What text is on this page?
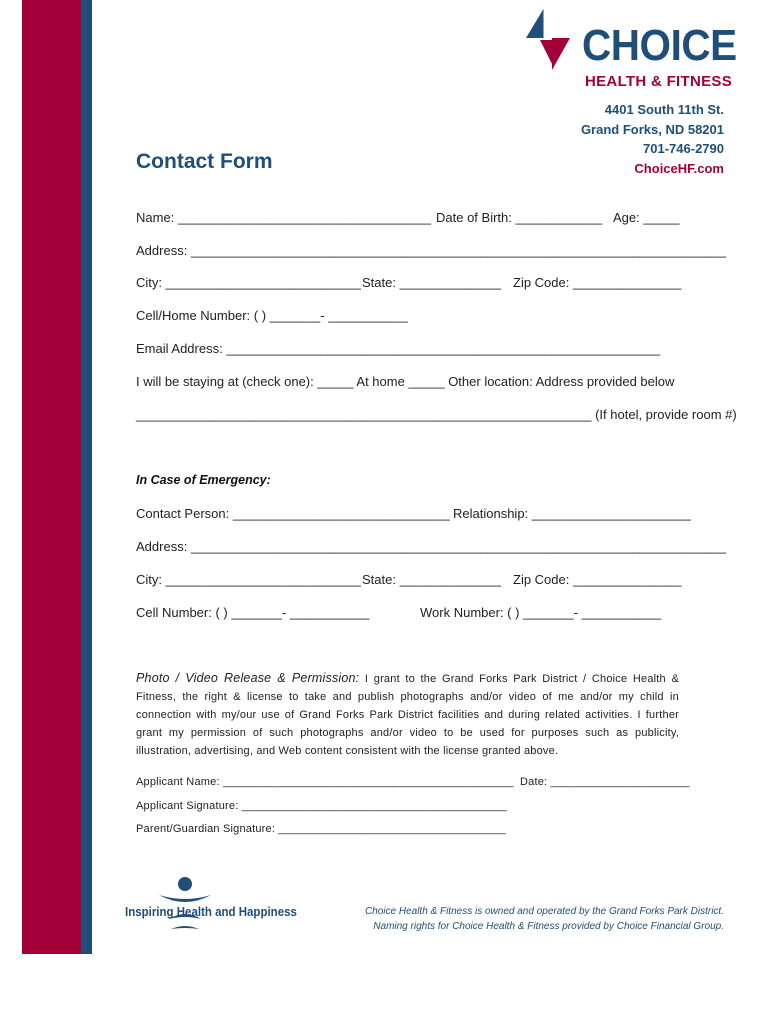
CHOICE
HEALTH & FITNESS
4401 South 11th St.
Grand Forks, ND 58201
701-746-2790
ChoiceHF.com
Contact Form
Name: ___________________________________ Date of Birth: ____________ Age: _____
Address: __________________________________________________________________________
City: ___________________________ State: ______________ Zip Code: _______________
Cell/Home Number: ( ) _______- ___________
Email Address: ____________________________________________________________
I will be staying at (check one): _____ At home _____ Other location: Address provided below
_______________________________________________________________ (If hotel, provide room #)
In Case of Emergency:
Contact Person: ______________________________ Relationship: ______________________
Address: __________________________________________________________________________
City: ___________________________ State: ______________ Zip Code: _______________
Cell Number: ( ) _______- ___________	Work Number: ( ) _______- ___________
Photo / Video Release & Permission: I grant to the Grand Forks Park District / Choice Health & Fitness, the right & license to take and publish photographs and/or video of me and/or my child in connection with my/our use of Grand Forks Park District facilities and during related activities. I further grant my permission of such photographs and/or video to be used for purposes such as publicity, illustration, advertising, and Web content consistent with the license granted above.
Applicant Name: ______________________________________________ Date: ______________________
Applicant Signature: __________________________________________
Parent/Guardian Signature: ____________________________________
Inspiring Health and Happiness	Choice Health & Fitness is owned and operated by the Grand Forks Park District.
Naming rights for Choice Health & Fitness provided by Choice Financial Group.
